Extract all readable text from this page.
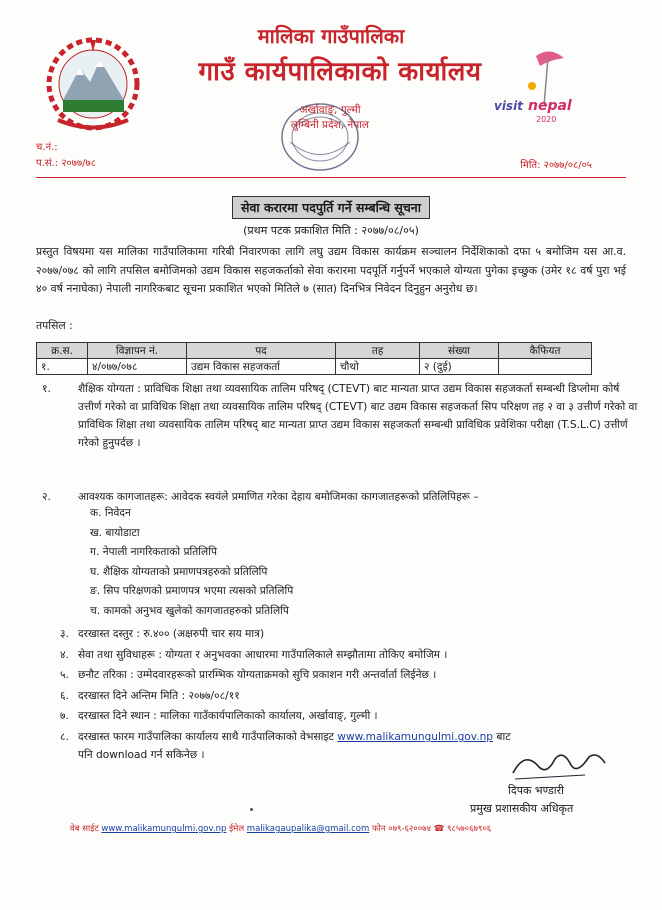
मालिका गाउँपालिका
गाउँ कार्यपालिकाको कार्यालय
अर्खावाङ्‍, गुल्मी
लुम्बिनी प्रदेश, नेपाल
visit nepal
2020
च.नं.:
प.सं.: २०७७/७८	मिति: २०७७/०८/०५
सेवा करारमा पदपुर्ति गर्ने सम्बन्धि सूचना
(प्रथम पटक प्रकाशित मिति : २०७७/०८/०५)
प्रस्तुत विषयमा यस मालिका गाउँपालिकामा गरिबी निवारणका लागि लघु उद्यम विकास कार्यक्रम सञ्चालन निर्देशिकाको दफा ५ बमोजिम यस आ.व. २०७७/०७८ को लागि तपसिल बमोजिमको उद्यम विकास सहजकर्ताको सेवा करारमा पदपूर्ति गर्नुपर्ने भएकाले योग्यता पुगेका इच्छुक (उमेर १८ वर्ष पुरा भई ४० वर्ष ननाघेका) नेपाली नागरिकबाट सूचना प्रकाशित भएको मितिले ७ (सात) दिनभित्र निवेदन दिनुहुन अनुरोध छ।
तपसिल :
क्र.स.	विज्ञापन नं.	पद	तह	संख्या	कैफियत
१.	४/०७७/०७८	उद्यम विकास सहजकर्ता	चौथो	२ (दुई)	
१.	शैक्षिक योग्यता : प्राविधिक शिक्षा तथा व्यवसायिक तालिम परिषद् (CTEVT) बाट मान्यता प्राप्त उद्यम विकास सहजकर्ता सम्बन्धी डिप्लोमा कोर्ष उत्तीर्ण गरेको वा प्राविधिक शिक्षा तथा व्यवसायिक तालिम परिषद् (CTEVT) बाट उद्यम विकास सहजकर्ता सिप परिक्षण तह २ वा ३ उत्तीर्ण गरेको वा प्राविधिक शिक्षा तथा व्यवसायिक तालिम परिषद् बाट मान्यता प्राप्त उद्यम विकास सहजकर्ता सम्बन्धी प्राविधिक प्रवेशिका परीक्षा (T.S.L.C) उत्तीर्ण गरेको हुनुपर्दछ ।
२.	आवश्यक कागजातहरू: आवेदक स्वयंले प्रमाणित गरेका देहाय बमोजिमका कागजातहरूको प्रतिलिपिहरू –
क. निवेदन
ख. बायोडाटा
ग. नेपाली नागरिकताको प्रतिलिपि
घ. शैक्षिक योग्यताको प्रमाणपत्रहरुको प्रतिलिपि
ङ. सिप परिक्षणको प्रमाणपत्र भएमा त्यसको प्रतिलिपि
च. कामको अनुभव खुलेको कागजातहरुको प्रतिलिपि
३. दरखास्त दस्तुर : रु.४०० (अक्षरुपी चार सय मात्र)
४. सेवा तथा सुविधाहरू : योग्यता र अनुभवका आधारमा गाउँपालिकाले सम्झौतामा तोकिए बमोजिम ।
५. छनौट तरिका : उम्मेदवारहरूको प्रारम्भिक योग्यताक्रमको सुचि प्रकाशन गरी अन्तर्वार्ता लिईनेछ ।
६. दरखास्त दिने अन्तिम मिति : २०७७/०८/११
७. दरखास्त दिने स्थान : मालिका गाउँकार्यपालिकाको कार्यालय, अर्खावाङ्, गुल्मी ।
८. दरखास्त फारम गाउँपालिका कार्यालय साथै गाउँपालिकाको वेभसाइट www.malikamungulmi.gov.np बाट
पनि download गर्न सकिनेछ ।
दिपक भण्डारी
प्रमुख प्रशासकीय अधिकृत
वेब साईट www.malikamungulmi.gov.np ईमेल malikagaupalika@gmail.com फोन ०७९-६२००७४ ☎ ९८५७०६७९०६
